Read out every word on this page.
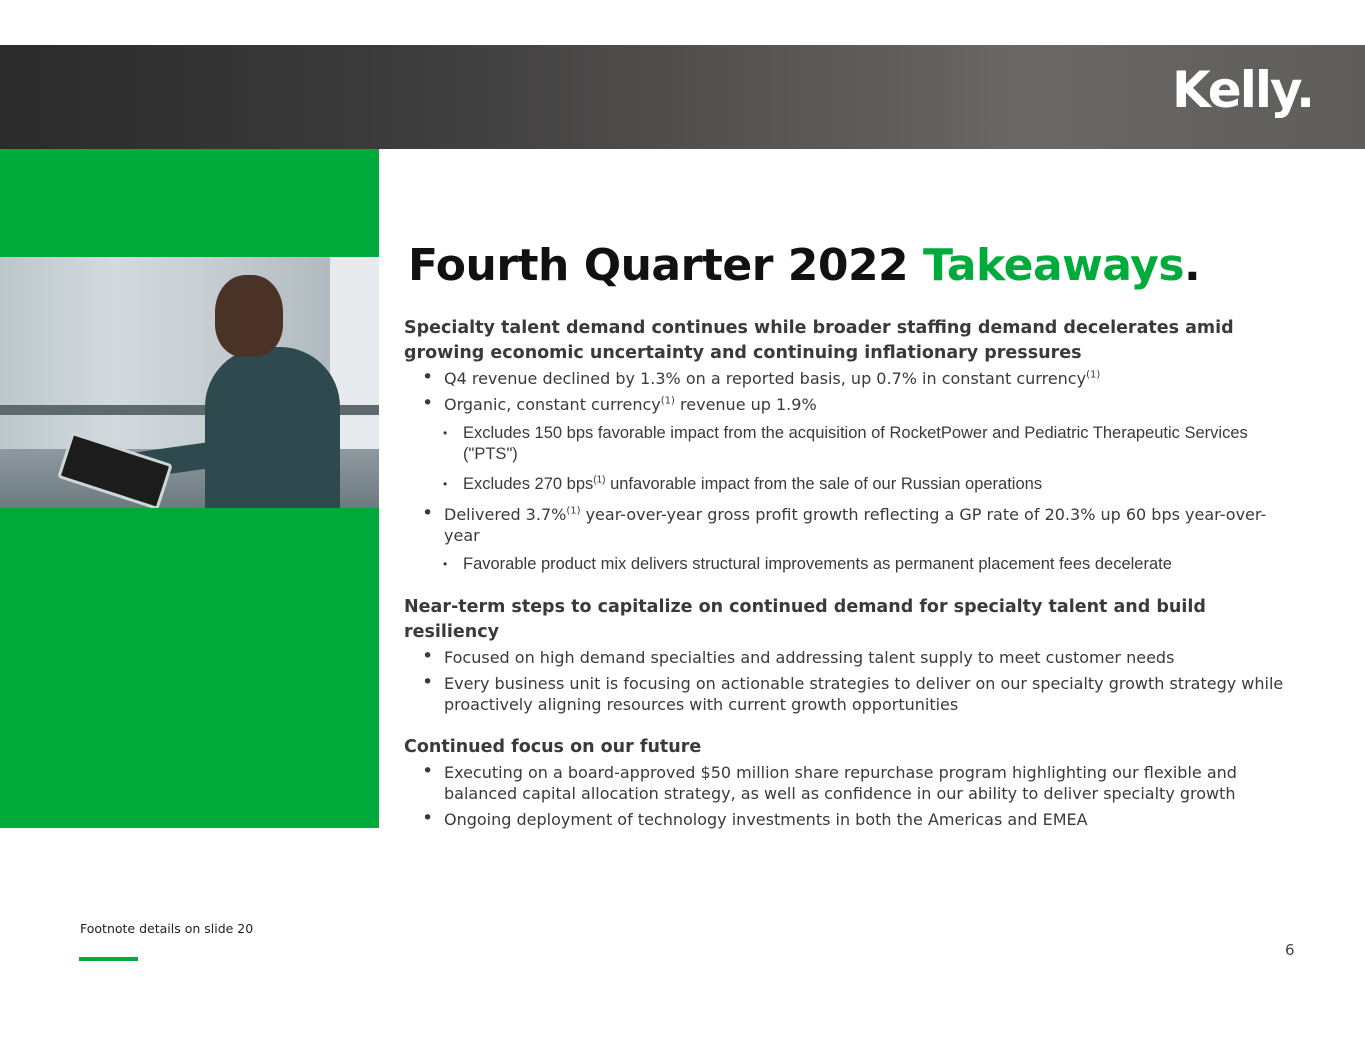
Kelly.
Fourth Quarter 2022 Takeaways.
Specialty talent demand continues while broader staffing demand decelerates amid growing economic uncertainty and continuing inflationary pressures
• Q4 revenue declined by 1.3% on a reported basis, up 0.7% in constant currency$^{(1)}$
• Organic, constant currency$^{(1)}$ revenue up 1.9%
• Excludes 150 bps favorable impact from the acquisition of RocketPower and Pediatric Therapeutic Services ("PTS")
• Excludes 270 bps$^{(1)}$ unfavorable impact from the sale of our Russian operations
• Delivered 3.7%$^{(1)}$ year-over-year gross profit growth reflecting a GP rate of 20.3% up 60 bps year-over-year
• Favorable product mix delivers structural improvements as permanent placement fees decelerate
Near-term steps to capitalize on continued demand for specialty talent and build resiliency
• Focused on high demand specialties and addressing talent supply to meet customer needs
• Every business unit is focusing on actionable strategies to deliver on our specialty growth strategy while proactively aligning resources with current growth opportunities
Continued focus on our future
• Executing on a board-approved $50 million share repurchase program highlighting our flexible and balanced capital allocation strategy, as well as confidence in our ability to deliver specialty growth
• Ongoing deployment of technology investments in both the Americas and EMEA
Footnote details on slide 20
6
